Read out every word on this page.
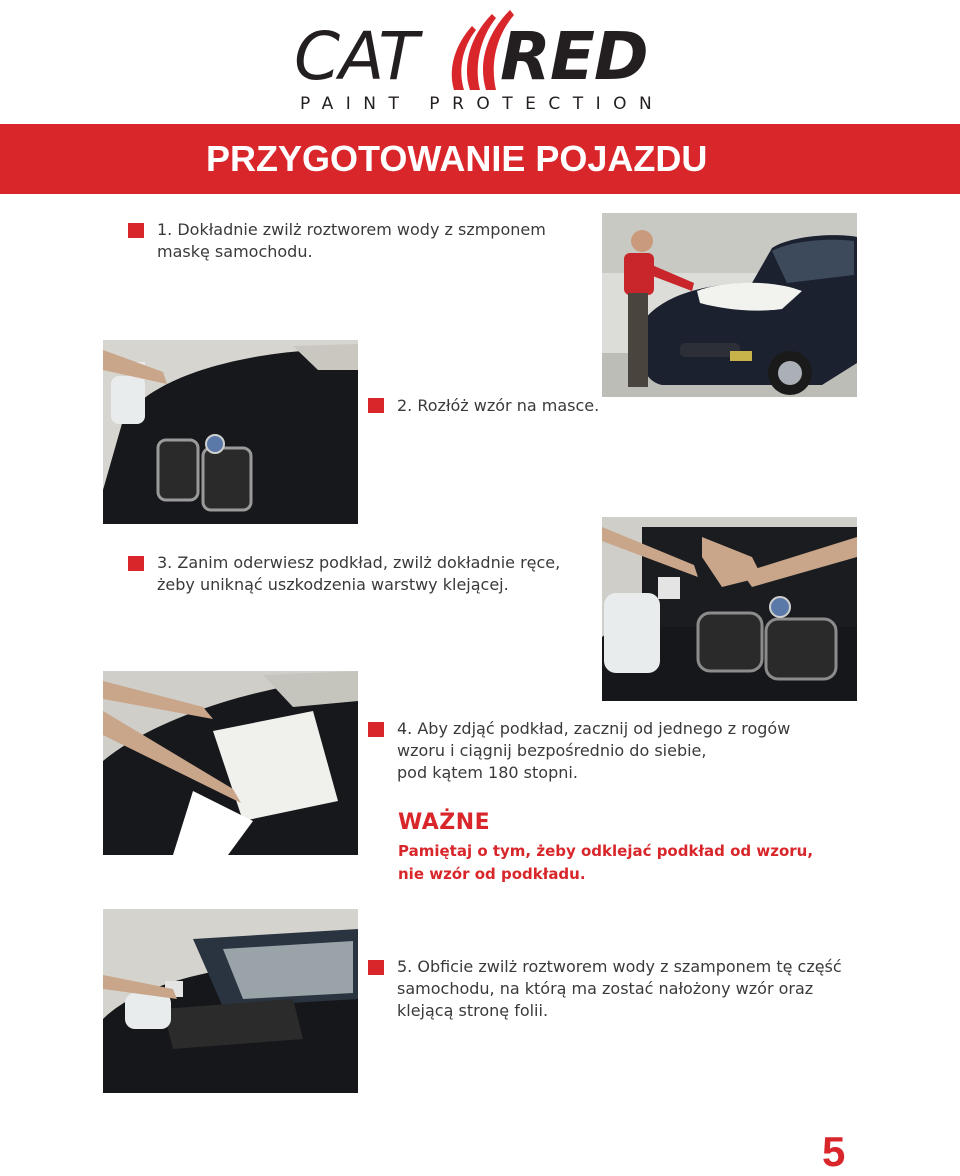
CAT RED
PAINT PROTECTION
PRZYGOTOWANIE POJAZDU
1. Dokładnie zwilż roztworem wody z szmponem
maskę samochodu.
2. Rozłóż wzór na masce.
3. Zanim oderwiesz podkład, zwilż dokładnie ręce,
żeby uniknąć uszkodzenia warstwy klejącej.
4. Aby zdjąć podkład, zacznij od jednego z rogów
wzoru i ciągnij bezpośrednio do siebie,
pod kątem 180 stopni.
WAŻNE
Pamiętaj o tym, żeby odklejać podkład od wzoru,
nie wzór od podkładu.
5. Obficie zwilż roztworem wody z szamponem tę część
samochodu, na którą ma zostać nałożony wzór oraz
klejącą stronę folii.
5
